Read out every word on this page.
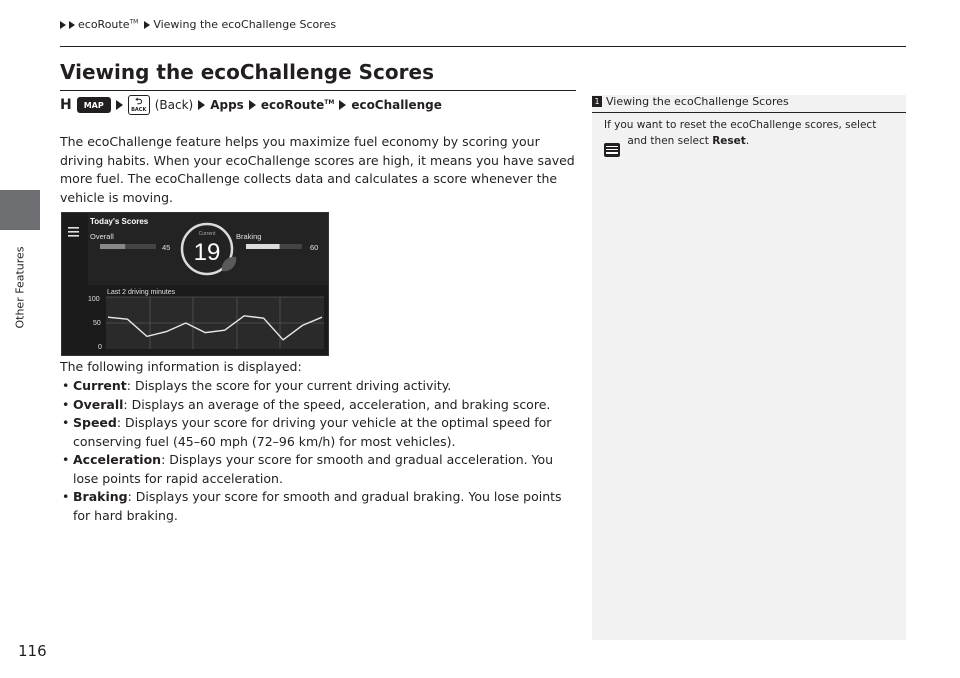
Other Features
ecoRoute™ Viewing the ecoChallenge Scores
Viewing the ecoChallenge Scores
H	MAP	⮌
BACK (Back) Apps ecoRoute™ ecoChallenge
The ecoChallenge feature helps you maximize fuel economy by scoring your driving habits. When your ecoChallenge scores are high, it means you have saved more fuel. The ecoChallenge collects data and calculates a score whenever the vehicle is moving.
Today's Scores
Overall
45
Current
19
Braking
60
Last 2 driving minutes
100
50
0
The following information is displayed:
• Current: Displays the score for your current driving activity.
• Overall: Displays an average of the speed, acceleration, and braking score.
• Speed: Displays your score for driving your vehicle at the optimal speed for conserving fuel (45–60 mph (72–96 km/h) for most vehicles).
• Acceleration: Displays your score for smooth and gradual acceleration. You lose points for rapid acceleration.
• Braking: Displays your score for smooth and gradual braking. You lose points for hard braking.
1 Viewing the ecoChallenge Scores
If you want to reset the ecoChallenge scores, select

and then select Reset.
116
